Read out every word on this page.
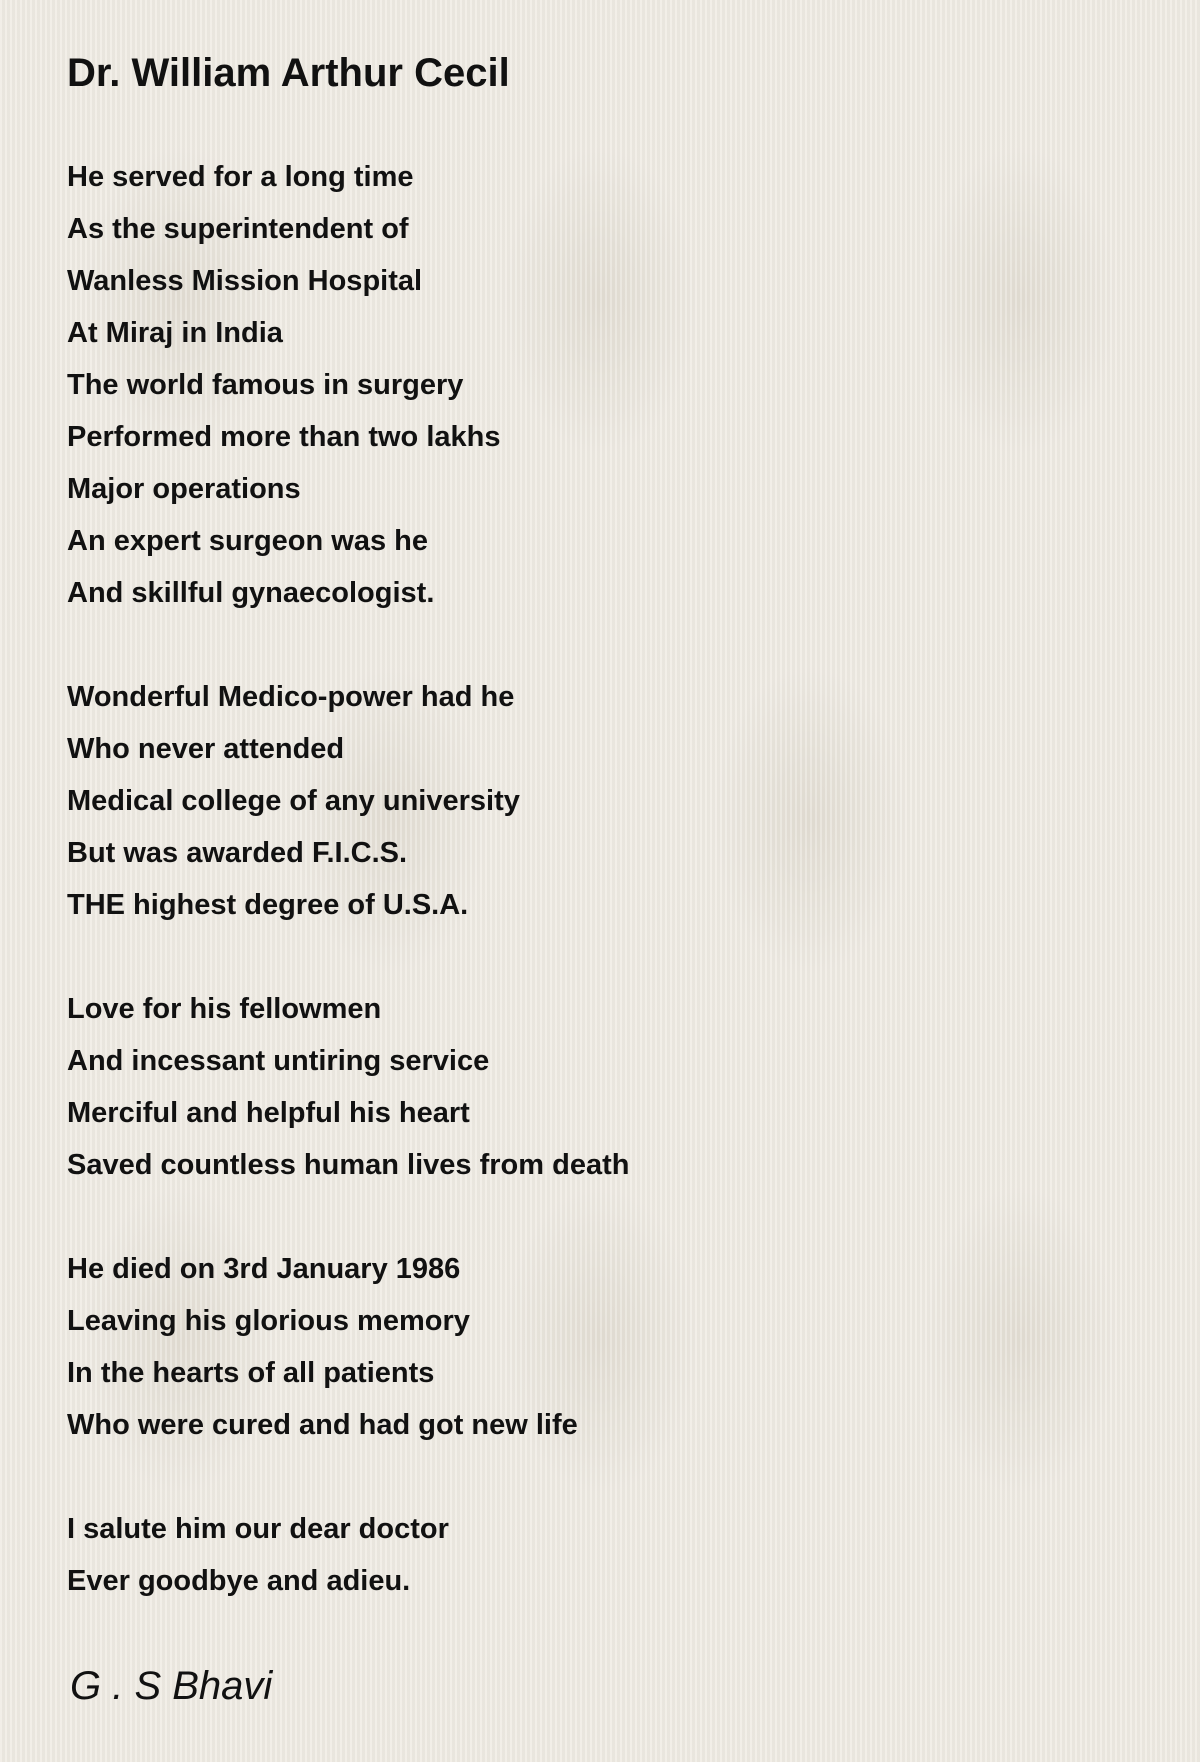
Dr. William Arthur Cecil
He served for a long time
As the superintendent of
Wanless Mission Hospital
At Miraj in India
The world famous in surgery
Performed more than two lakhs
Major operations
An expert surgeon was he
And skillful gynaecologist.
Wonderful Medico-power had he
Who never attended
Medical college of any university
But was awarded F.I.C.S.
THE highest degree of U.S.A.
Love for his fellowmen
And incessant untiring service
Merciful and helpful his heart
Saved countless human lives from death
He died on 3rd January 1986
Leaving his glorious memory
In the hearts of all patients
Who were cured and had got new life
I salute him our dear doctor
Ever goodbye and adieu.
G . S Bhavi
